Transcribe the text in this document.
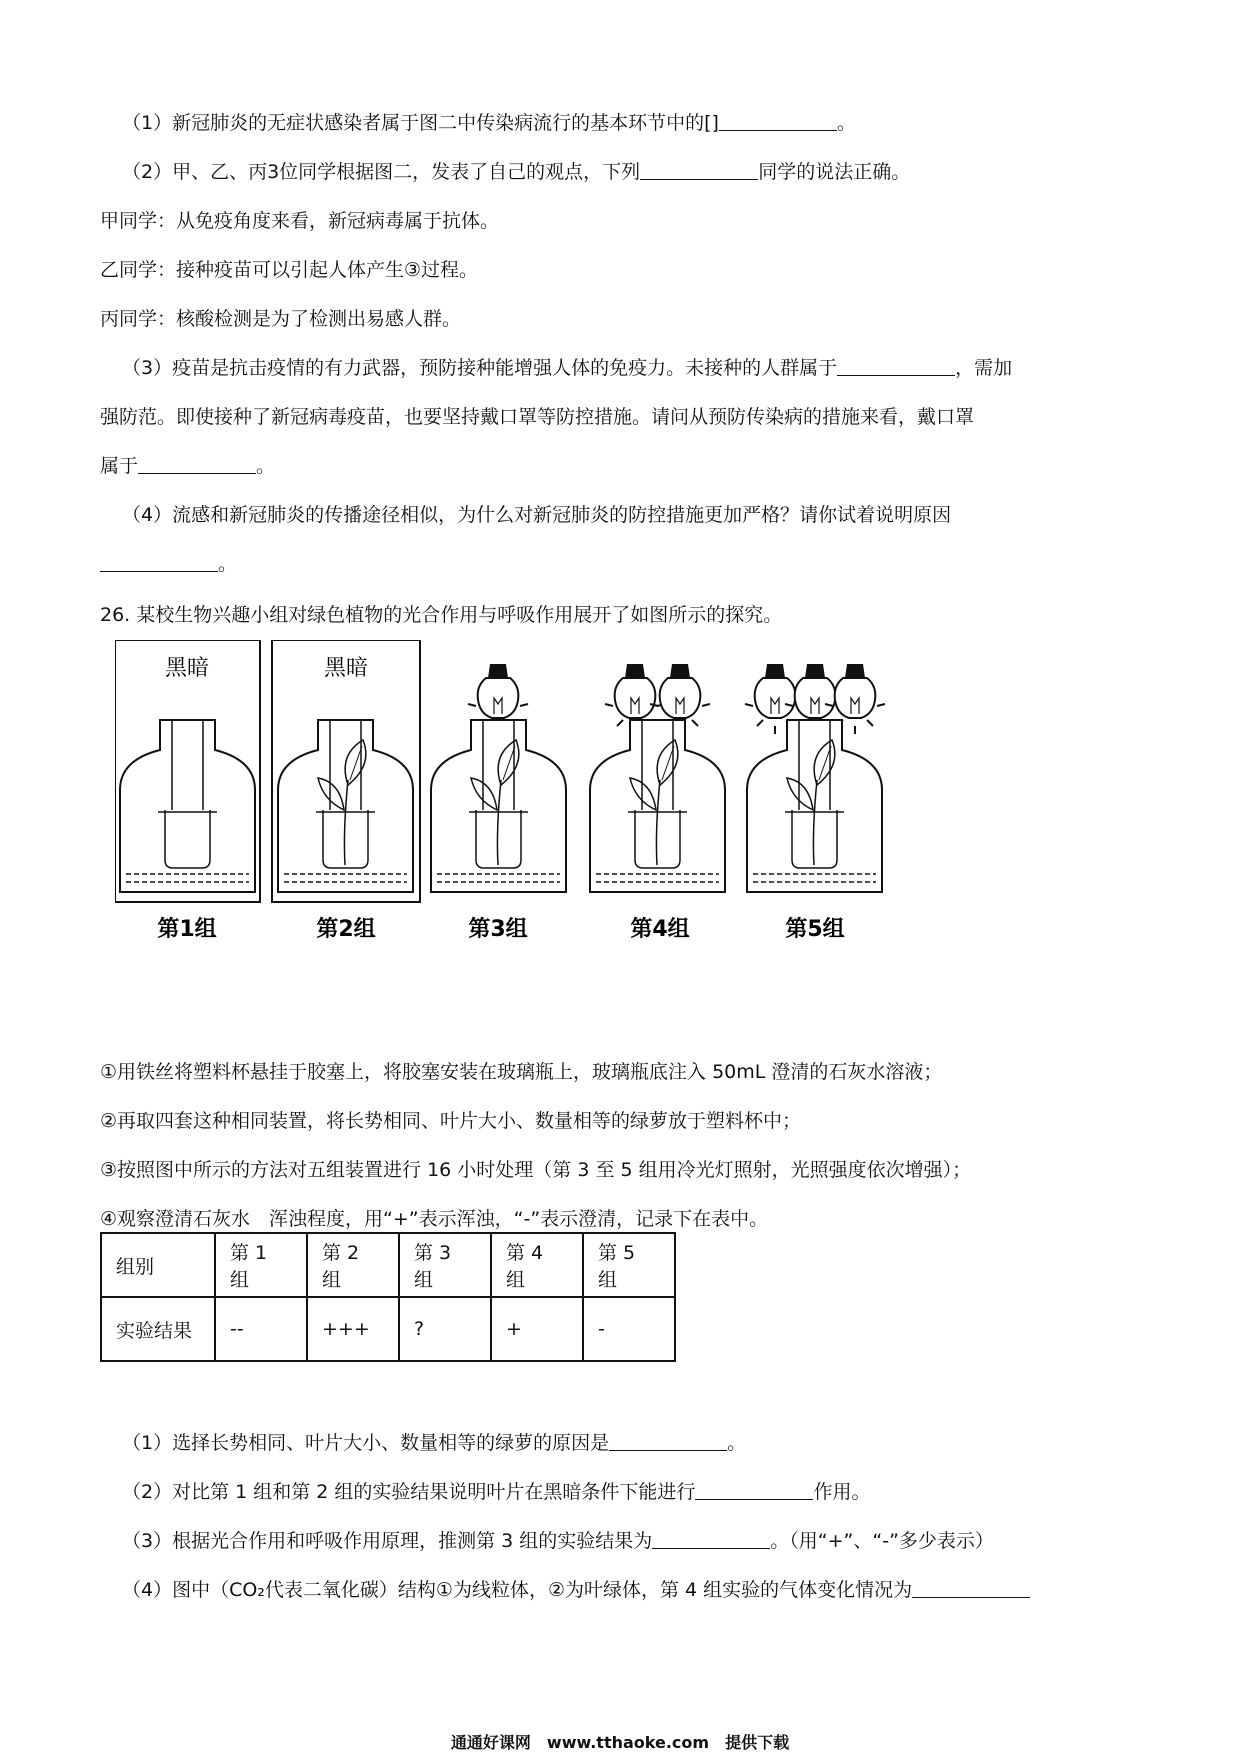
（1）新冠肺炎的无症状感染者属于图二中传染病流行的基本环节中的[]	。
（2）甲、乙、丙3位同学根据图二，发表了自己的观点，下列	同学的说法正确。
甲同学：从免疫角度来看，新冠病毒属于抗体。
乙同学：接种疫苗可以引起人体产生③过程。
丙同学：核酸检测是为了检测出易感人群。
（3）疫苗是抗击疫情的有力武器，预防接种能增强人体的免疫力。未接种的人群属于	，需加
强防范。即使接种了新冠病毒疫苗，也要坚持戴口罩等防控措施。请问从预防传染病的措施来看，戴口罩
属于	。
（4）流感和新冠肺炎的传播途径相似，为什么对新冠肺炎的防控措施更加严格？请你试着说明原因
。
26. 某校生物兴趣小组对绿色植物的光合作用与呼吸作用展开了如图所示的探究。
黑暗
第1组
黑暗
第2组	第3组	第4组	第5组
①用铁丝将塑料杯悬挂于胶塞上，将胶塞安装在玻璃瓶上，玻璃瓶底注入 50mL 澄清的石灰水溶液；
②再取四套这种相同装置，将长势相同、叶片大小、数量相等的绿萝放于塑料杯中；
③按照图中所示的方法对五组装置进行 16 小时处理（第 3 至 5 组用冷光灯照射，光照强度依次增强）；
④观察澄清石灰水　浑浊程度，用“+”表示浑浊，“-”表示澄清，记录下在表中。
组别	第 1 组	第 2 组	第 3 组	第 4 组	第 5 组
实验结果	--	+++	?	+	-
（1）选择长势相同、叶片大小、数量相等的绿萝的原因是	。
（2）对比第 1 组和第 2 组的实验结果说明叶片在黑暗条件下能进行	作用。
（3）根据光合作用和呼吸作用原理，推测第 3 组的实验结果为	。（用“+”、“-”多少表示）
（4）图中（CO₂代表二氧化碳）结构①为线粒体，②为叶绿体，第 4 组实验的气体变化情况为
通通好课网　www.tthaoke.com　提供下载
